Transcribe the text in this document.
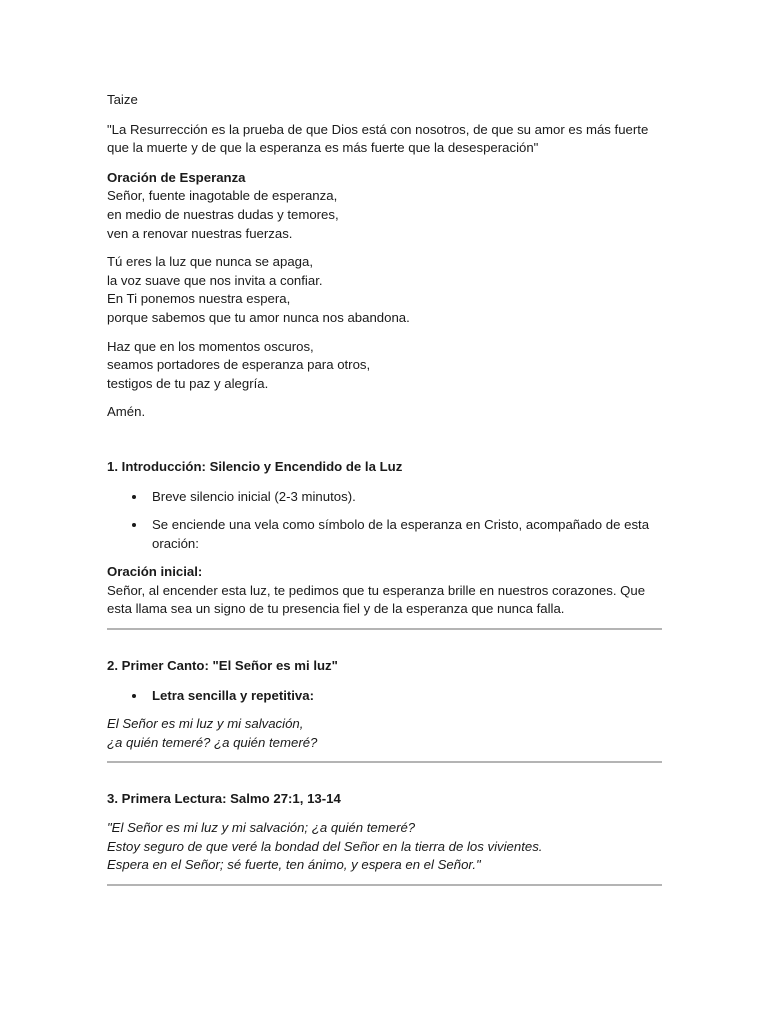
Taize

"La Resurrección es la prueba de que Dios está con nosotros, de que su amor es más fuerte que la muerte y de que la esperanza es más fuerte que la desesperación"

Oración de Esperanza
Señor, fuente inagotable de esperanza,
en medio de nuestras dudas y temores,
ven a renovar nuestras fuerzas.

Tú eres la luz que nunca se apaga,
la voz suave que nos invita a confiar.
En Ti ponemos nuestra espera,
porque sabemos que tu amor nunca nos abandona.

Haz que en los momentos oscuros,
seamos portadores de esperanza para otros,
testigos de tu paz y alegría.

Amén.

1. Introducción: Silencio y Encendido de la Luz

Breve silencio inicial (2-3 minutos).
Se enciende una vela como símbolo de la esperanza en Cristo, acompañado de esta oración:

Oración inicial:
Señor, al encender esta luz, te pedimos que tu esperanza brille en nuestros corazones. Que esta llama sea un signo de tu presencia fiel y de la esperanza que nunca falla.

2. Primer Canto: "El Señor es mi luz"

Letra sencilla y repetitiva:

El Señor es mi luz y mi salvación,
¿a quién temeré? ¿a quién temeré?

3. Primera Lectura: Salmo 27:1, 13-14

"El Señor es mi luz y mi salvación; ¿a quién temeré?
Estoy seguro de que veré la bondad del Señor en la tierra de los vivientes.
Espera en el Señor; sé fuerte, ten ánimo, y espera en el Señor."
